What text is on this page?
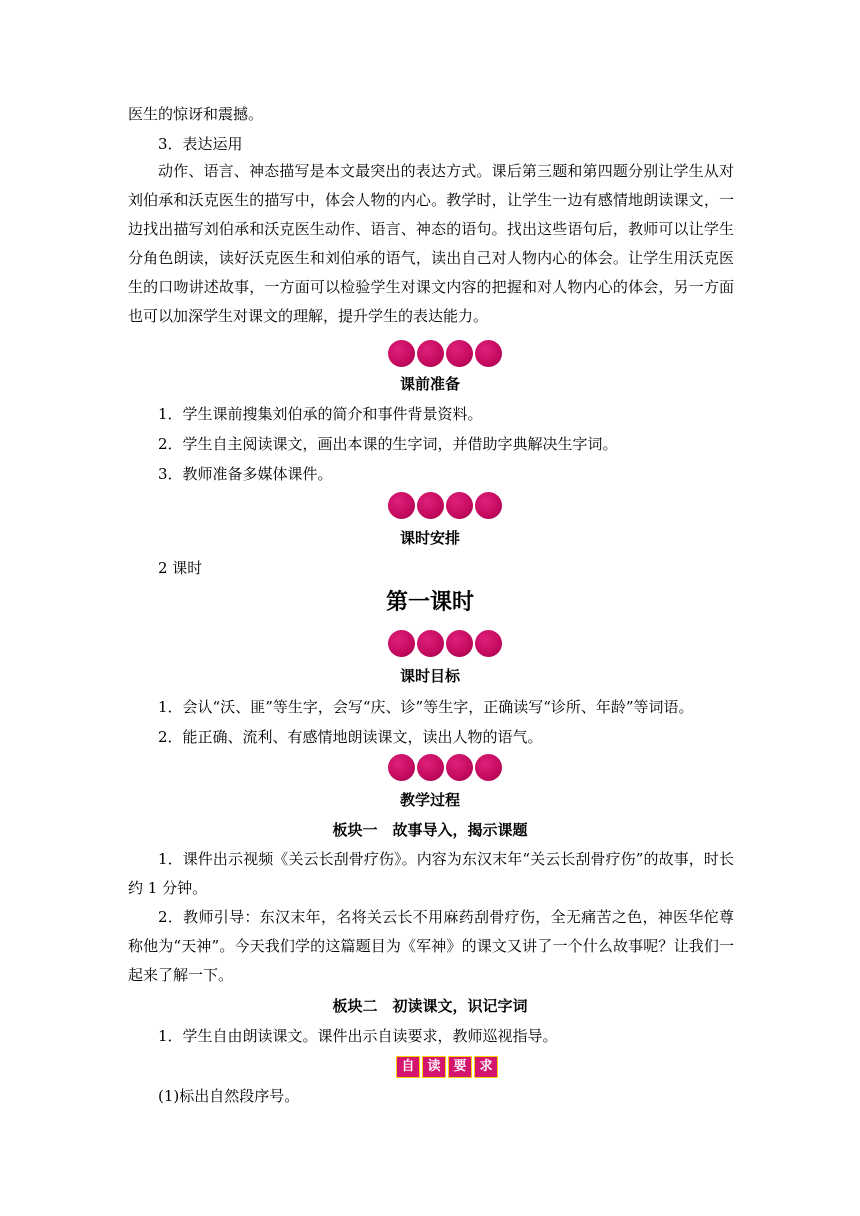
医生的惊讶和震撼。
3．表达运用
动作、语言、神态描写是本文最突出的表达方式。课后第三题和第四题分别让学生从对刘伯承和沃克医生的描写中，体会人物的内心。教学时，让学生一边有感情地朗读课文，一边找出描写刘伯承和沃克医生动作、语言、神态的语句。找出这些语句后，教师可以让学生分角色朗读，读好沃克医生和刘伯承的语气，读出自己对人物内心的体会。让学生用沃克医生的口吻讲述故事，一方面可以检验学生对课文内容的把握和对人物内心的体会，另一方面也可以加深学生对课文的理解，提升学生的表达能力。
课前准备
1．学生课前搜集刘伯承的简介和事件背景资料。
2．学生自主阅读课文，画出本课的生字词，并借助字典解决生字词。
3．教师准备多媒体课件。
课时安排
2 课时
第一课时
课时目标
1．会认“沃、匪”等生字，会写“庆、诊”等生字，正确读写“诊所、年龄”等词语。
2．能正确、流利、有感情地朗读课文，读出人物的语气。
教学过程
板块一　故事导入，揭示课题
1．课件出示视频《关云长刮骨疗伤》。内容为东汉末年“关云长刮骨疗伤”的故事，时长约 1 分钟。
2．教师引导：东汉末年，名将关云长不用麻药刮骨疗伤，全无痛苦之色，神医华佗尊称他为“天神”。今天我们学的这篇题目为《军神》的课文又讲了一个什么故事呢？让我们一起来了解一下。
板块二　初读课文，识记字词
1．学生自由朗读课文。课件出示自读要求，教师巡视指导。
自 读 要 求
(1)标出自然段序号。
